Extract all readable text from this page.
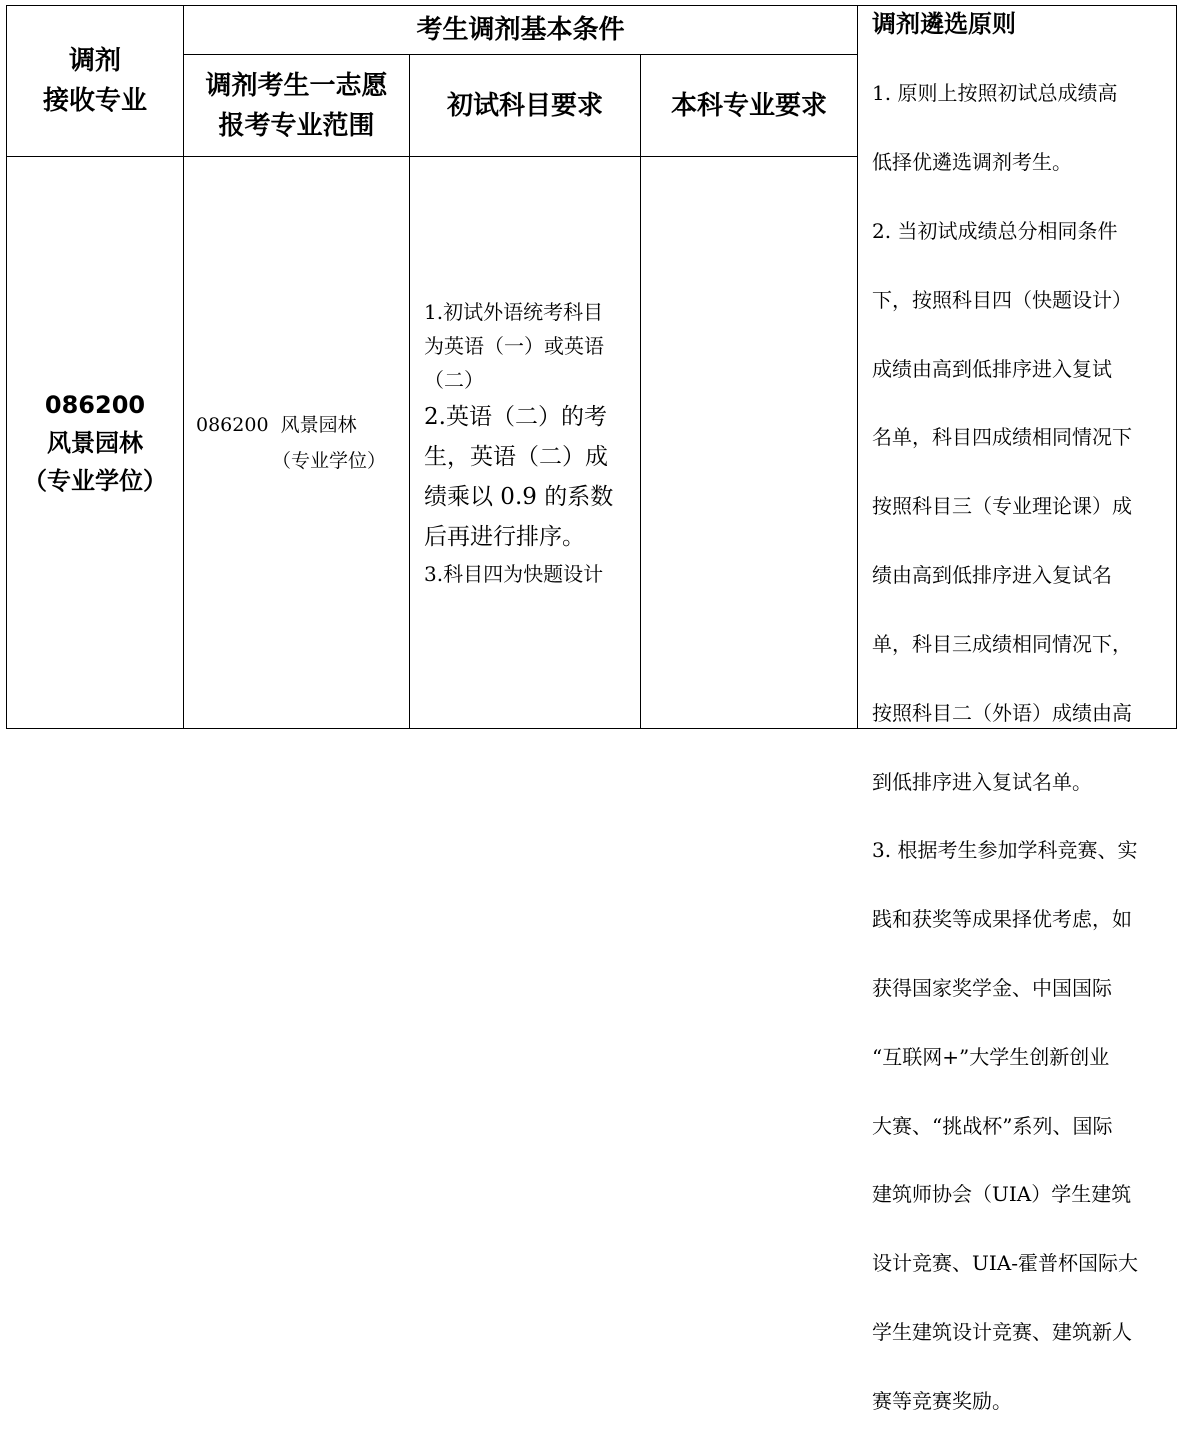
调剂
接收专业
考生调剂基本条件
调剂考生一志愿
报考专业范围
初试科目要求	本科专业要求
086200
风景园林
（专业学位）
086200  风景园林
（专业学位）
1.初试外语统考科目
为英语（一）或英语
（二）
2.英语（二）的考
生，英语（二）成
绩乘以 0.9 的系数
后再进行排序。
3.科目四为快题设计
调剂遴选原则

1. 原则上按照初试总成绩高

低择优遴选调剂考生。

2. 当初试成绩总分相同条件

下，按照科目四（快题设计）

成绩由高到低排序进入复试

名单，科目四成绩相同情况下

按照科目三（专业理论课）成

绩由高到低排序进入复试名

单，科目三成绩相同情况下，

按照科目二（外语）成绩由高

到低排序进入复试名单。

3. 根据考生参加学科竞赛、实

践和获奖等成果择优考虑，如

获得国家奖学金、中国国际

“互联网+”大学生创新创业

大赛、“挑战杯”系列、国际

建筑师协会（UIA）学生建筑

设计竞赛、UIA-霍普杯国际大

学生建筑设计竞赛、建筑新人

赛等竞赛奖励。
